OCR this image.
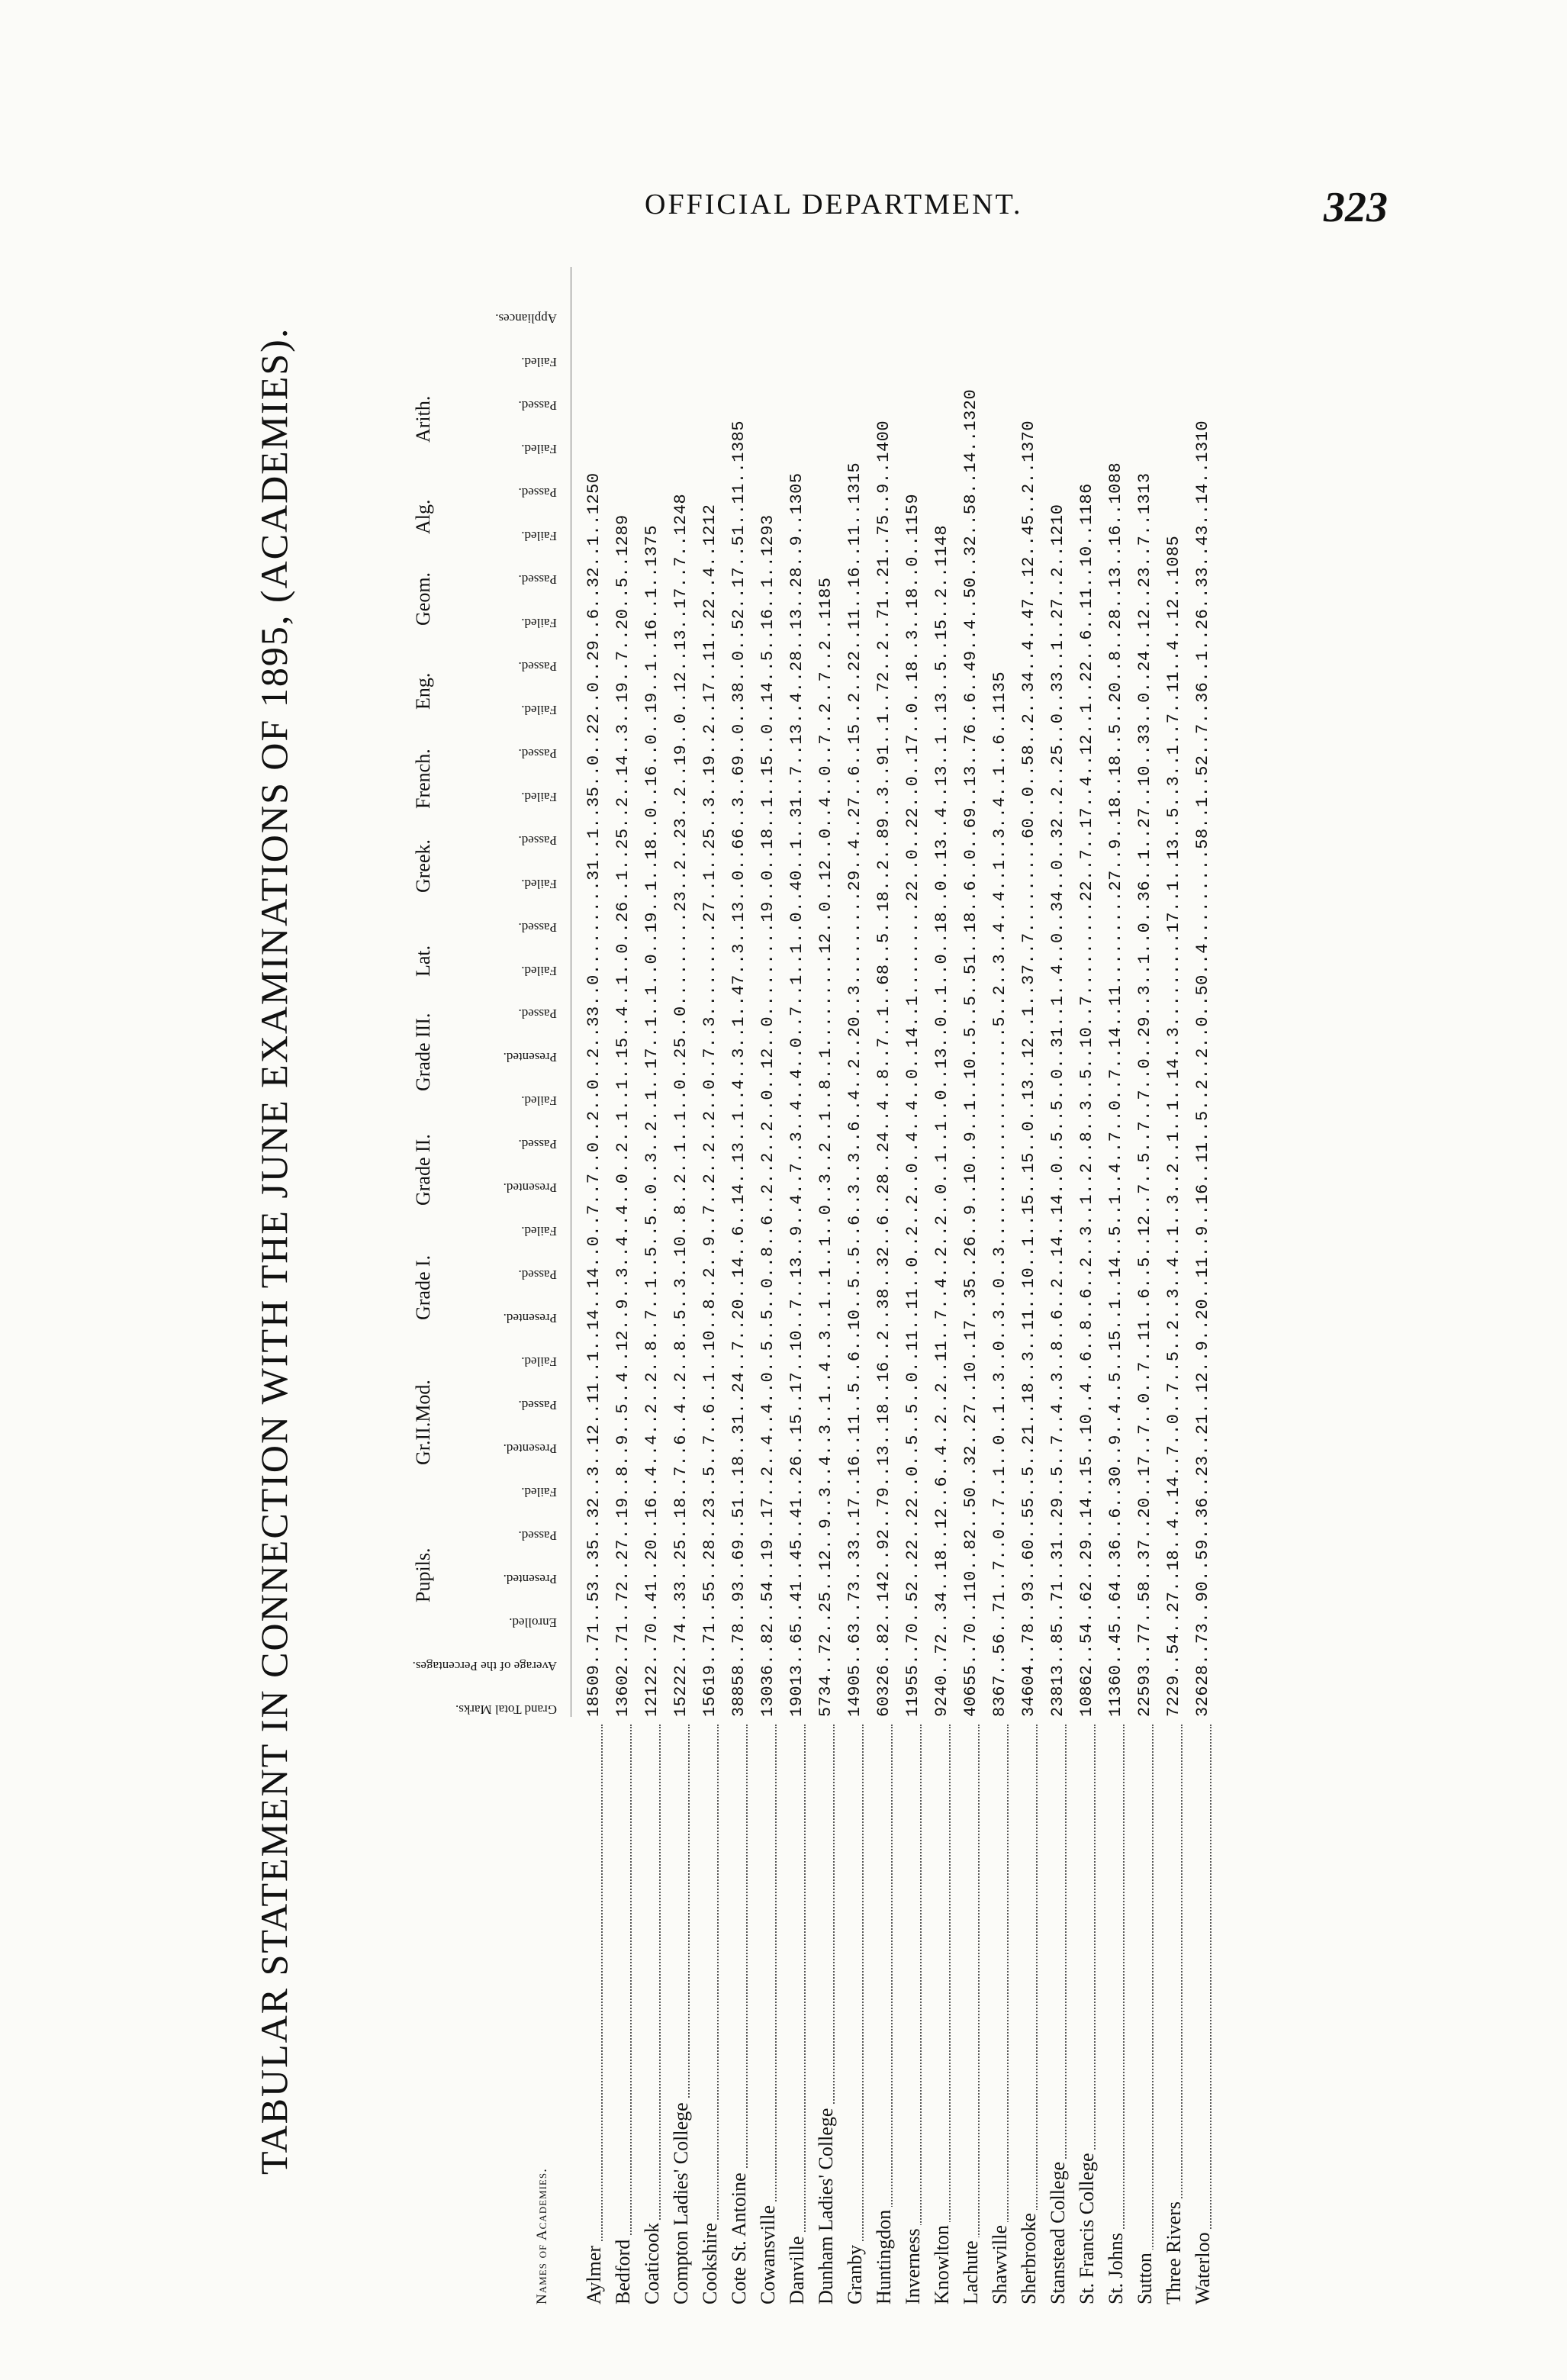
OFFICIAL DEPARTMENT.	323
TABULAR STATEMENT IN CONNECTION WITH THE JUNE EXAMINATIONS OF 1895, (ACADEMIES).	Pupils.
Gr.II.Mod.
Grade I.
Grade II.
Grade III.
Lat.
Greek.
French.
Eng.
Geom.
Alg.
Arith.
Names of Academies.
Grand Total Marks.
Average of the Percentages.
Enrolled.
Presented.
Passed.
Failed.
Presented.
Passed.
Failed.
Presented.
Passed.
Failed.
Presented.
Passed.
Failed.
Presented.
Passed.
Failed.
Passed.
Failed.
Passed.
Failed.
Passed.
Failed.
Passed.
Failed.
Passed.
Failed.
Passed.
Failed.
Passed.
Failed.
Appliances.
Aylmer
18509..71..53..35..32..3..12..11..1..14..14..0..7..7..0..2..0..2..33..0.........31..1..35..0..22..0..29..6..32..1..1250
Bedford
13602..71..72..27..19..8..9..5..4..12..9..3..4..4..0..2..1..1..15..4..1..0..26..1..25..2..14..3..19..7..20..5..1289
Coaticook
12122..70..41..20..16..4..4..2..2..8..7..1..5..5..0..3..2..1..17..1..1..0..19..1..18..0..16..0..19..1..16..1..1375
Compton Ladies' College
15222..74..33..25..18..7..6..4..2..8..5..3..10..8..2..1..1..0..25..0.........23..2..23..2..19..0..12..13..17..7..1248
Cookshire
15619..71..55..28..23..5..7..6..1..10..8..2..9..7..2..2..2..0..7..3.........27..1..25..3..19..2..17..11..22..4..1212
Cote St. Antoine
38858..78..93..69..51..18..31..24..7..20..14..6..14..13..1..4..3..1..47..3..13..0..66..3..69..0..38..0..52..17..51..11..1385
Cowansville
13036..82..54..19..17..2..4..4..0..5..5..0..8..6..2..2..2..0..12..0.........19..0..18..1..15..0..14..5..16..1..1293
Danville
19013..65..41..45..41..26..15..17..10..7..13..9..4..7..3..4..4..0..7..1..1..0..40..1..31..7..13..4..28..13..28..9..1305
Dunham Ladies' College
5734..72..25..12..9..3..4..3..1..4..3..1..1..1..0..3..2..1..8..1.........12..0..12..0..4..0..7..2..7..2..1185
Granby
14905..63..73..33..17..16..11..5..6..10..5..5..6..3..3..6..4..2..20..3.........29..4..27..6..15..2..22..11..16..11..1315
Huntingdon
60326..82..142..92..79..13..18..16..2..38..32..6..28..24..4..8..7..1..68..5..18..2..89..3..91..1..72..2..71..21..75..9..1400
Inverness
11955..70..52..22..22..0..5..5..0..11..11..0..2..2..0..4..4..0..14..1.........22..0..22..0..17..0..18..3..18..0..1159
Knowlton
9240..72..34..18..12..6..4..2..2..11..7..4..2..2..0..1..1..0..13..0..1..0..18..0..13..4..13..1..13..5..15..2..1148
Lachute
40655..70..110..82..50..32..27..10..17..35..26..9..10..9..1..10..5..5..51..18..6..0..69..13..76..6..49..4..50..32..58..14..1320
Shawville
8367..56..71..7..0..7..1..0..1..3..0..3..0..3.....................5..2..3..4..4..1..3..4..1..6..1135
Sherbrooke
34604..78..93..60..55..5..21..18..3..11..10..1..15..15..0..13..12..1..37..7.........60..0..58..2..34..4..47..12..45..2..1370
Stanstead College
23813..85..71..31..29..5..7..4..3..8..6..2..14..14..0..5..5..0..31..1..4..0..34..0..32..2..25..0..33..1..27..2..1210
St. Francis College
10862..54..62..29..14..15..10..4..6..8..6..2..3..1..2..8..3..5..10..7.........22..7..17..4..12..1..22..6..11..10..1186
St. Johns
11360..45..64..36..6..30..9..4..5..15..1..14..5..1..4..7..0..7..14..11.........27..9..18..18..5..20..8..28..13..16..1088
Sutton
22593..77..58..37..20..17..7..0..7..11..6..5..12..7..5..7..7..0..29..3..1..0..36..1..27..10..33..0..24..12..23..7..1313
Three Rivers
7229..54..27..18..4..14..7..0..7..5..2..3..4..1..3..2..1..1..14..3.........17..1..13..5..3..1..7..11..4..12..1085
Waterloo
32628..73..90..59..36..23..21..12..9..20..11..9..16..11..5..2..2..0..50..4.........58..1..52..7..36..1..26..33..43..14..1310
